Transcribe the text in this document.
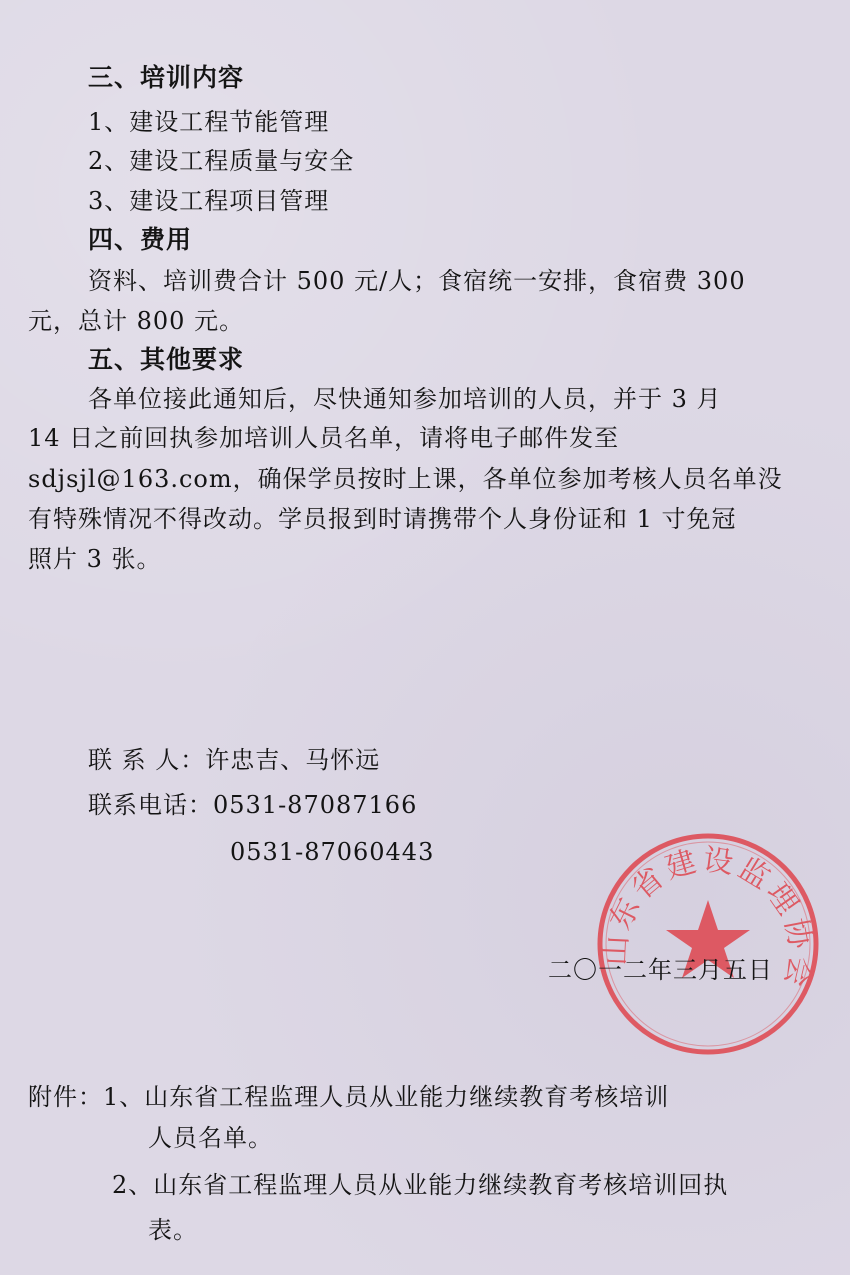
三、培训内容
1、建设工程节能管理
2、建设工程质量与安全
3、建设工程项目管理
四、费用
资料、培训费合计 500 元/人；食宿统一安排，食宿费 300
元，总计 800 元。
五、其他要求
各单位接此通知后，尽快通知参加培训的人员，并于 3 月
14 日之前回执参加培训人员名单，请将电子邮件发至
sdjsjl@163.com，确保学员按时上课，各单位参加考核人员名单没
有特殊情况不得改动。学员报到时请携带个人身份证和 1 寸免冠
照片 3 张。
联 系 人：许忠吉、马怀远
联系电话：0531-87087166
0531-87060443
山东省建设监理协会
二〇一二年三月五日
附件：1、山东省工程监理人员从业能力继续教育考核培训
人员名单。
2、山东省工程监理人员从业能力继续教育考核培训回执
表。
